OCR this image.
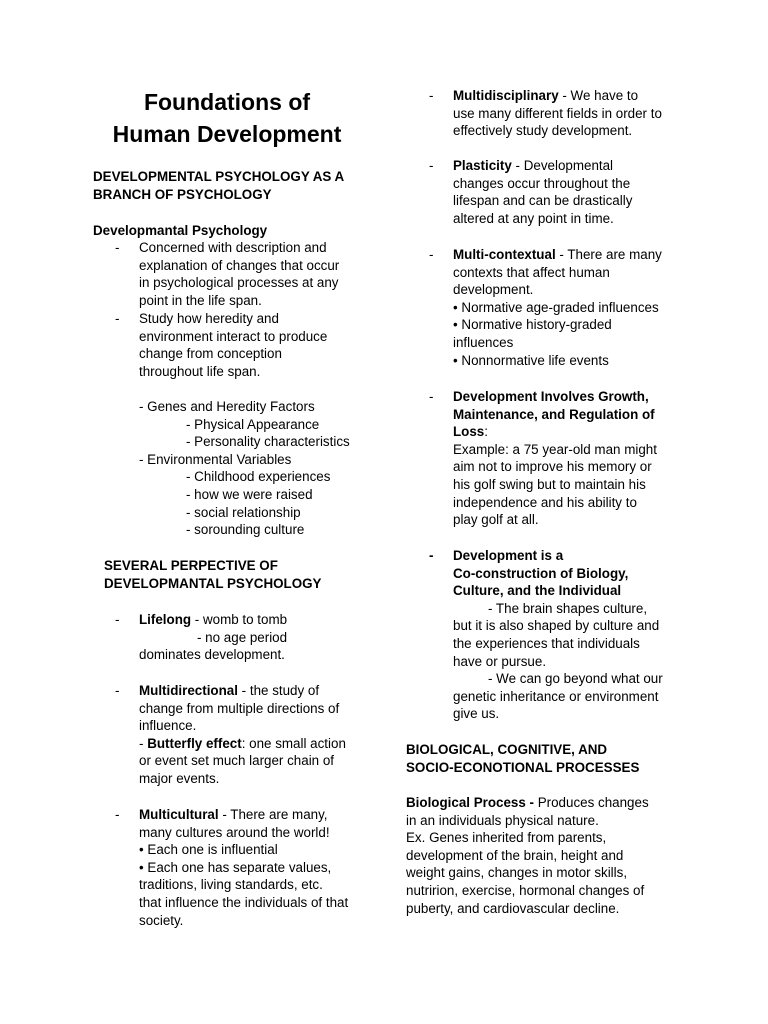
Foundations of
Human Development
DEVELOPMENTAL PSYCHOLOGY AS A
BRANCH OF PSYCHOLOGY
Developmantal Psychology
- Concerned with description and
explanation of changes that occur
in psychological processes at any
point in the life span.
- Study how heredity and
environment interact to produce
change from conception
throughout life span.
- Genes and Heredity Factors
- Physical Appearance
- Personality characteristics
- Environmental Variables
- Childhood experiences
- how we were raised
- social relationship
- sorounding culture
SEVERAL PERPECTIVE OF
DEVELOPMANTAL PSYCHOLOGY
- Lifelong - womb to tomb
- no age period
dominates development.
- Multidirectional - the study of
change from multiple directions of
influence.
- Butterfly effect: one small action
or event set much larger chain of
major events.
- Multicultural - There are many,
many cultures around the world!
• Each one is influential
• Each one has separate values,
traditions, living standards, etc.
that influence the individuals of that
society.
- Multidisciplinary - We have to
use many different fields in order to
effectively study development.
- Plasticity - Developmental
changes occur throughout the
lifespan and can be drastically
altered at any point in time.
- Multi-contextual - There are many
contexts that affect human
development.
• Normative age-graded influences
• Normative history-graded
influences
• Nonnormative life events
- Development Involves Growth,
Maintenance, and Regulation of
Loss:
Example: a 75 year-old man might
aim not to improve his memory or
his golf swing but to maintain his
independence and his ability to
play golf at all.
- Development is a
Co-construction of Biology,
Culture, and the Individual
- The brain shapes culture,
but it is also shaped by culture and
the experiences that individuals
have or pursue.
- We can go beyond what our
genetic inheritance or environment
give us.
BIOLOGICAL, COGNITIVE, AND
SOCIO-ECONOTIONAL PROCESSES
Biological Process - Produces changes
in an individuals physical nature.
Ex. Genes inherited from parents,
development of the brain, height and
weight gains, changes in motor skills,
nutririon, exercise, hormonal changes of
puberty, and cardiovascular decline.
